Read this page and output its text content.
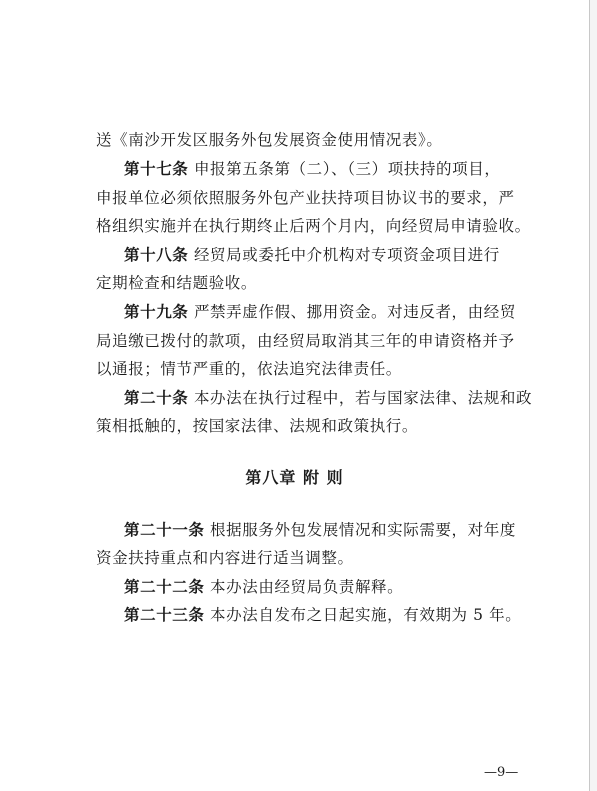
送《南沙开发区服务外包发展资金使用情况表》。
第十七条 申报第五条第（二）、（三）项扶持的项目，
申报单位必须依照服务外包产业扶持项目协议书的要求，严
格组织实施并在执行期终止后两个月内，向经贸局申请验收。
第十八条 经贸局或委托中介机构对专项资金项目进行
定期检查和结题验收。
第十九条 严禁弄虚作假、挪用资金。对违反者，由经贸
局追缴已拨付的款项，由经贸局取消其三年的申请资格并予
以通报；情节严重的，依法追究法律责任。
第二十条 本办法在执行过程中，若与国家法律、法规和政
策相抵触的，按国家法律、法规和政策执行。
第八章 附 则
第二十一条 根据服务外包发展情况和实际需要，对年度
资金扶持重点和内容进行适当调整。
第二十二条 本办法由经贸局负责解释。
第二十三条 本办法自发布之日起实施，有效期为 5 年。
—9—
